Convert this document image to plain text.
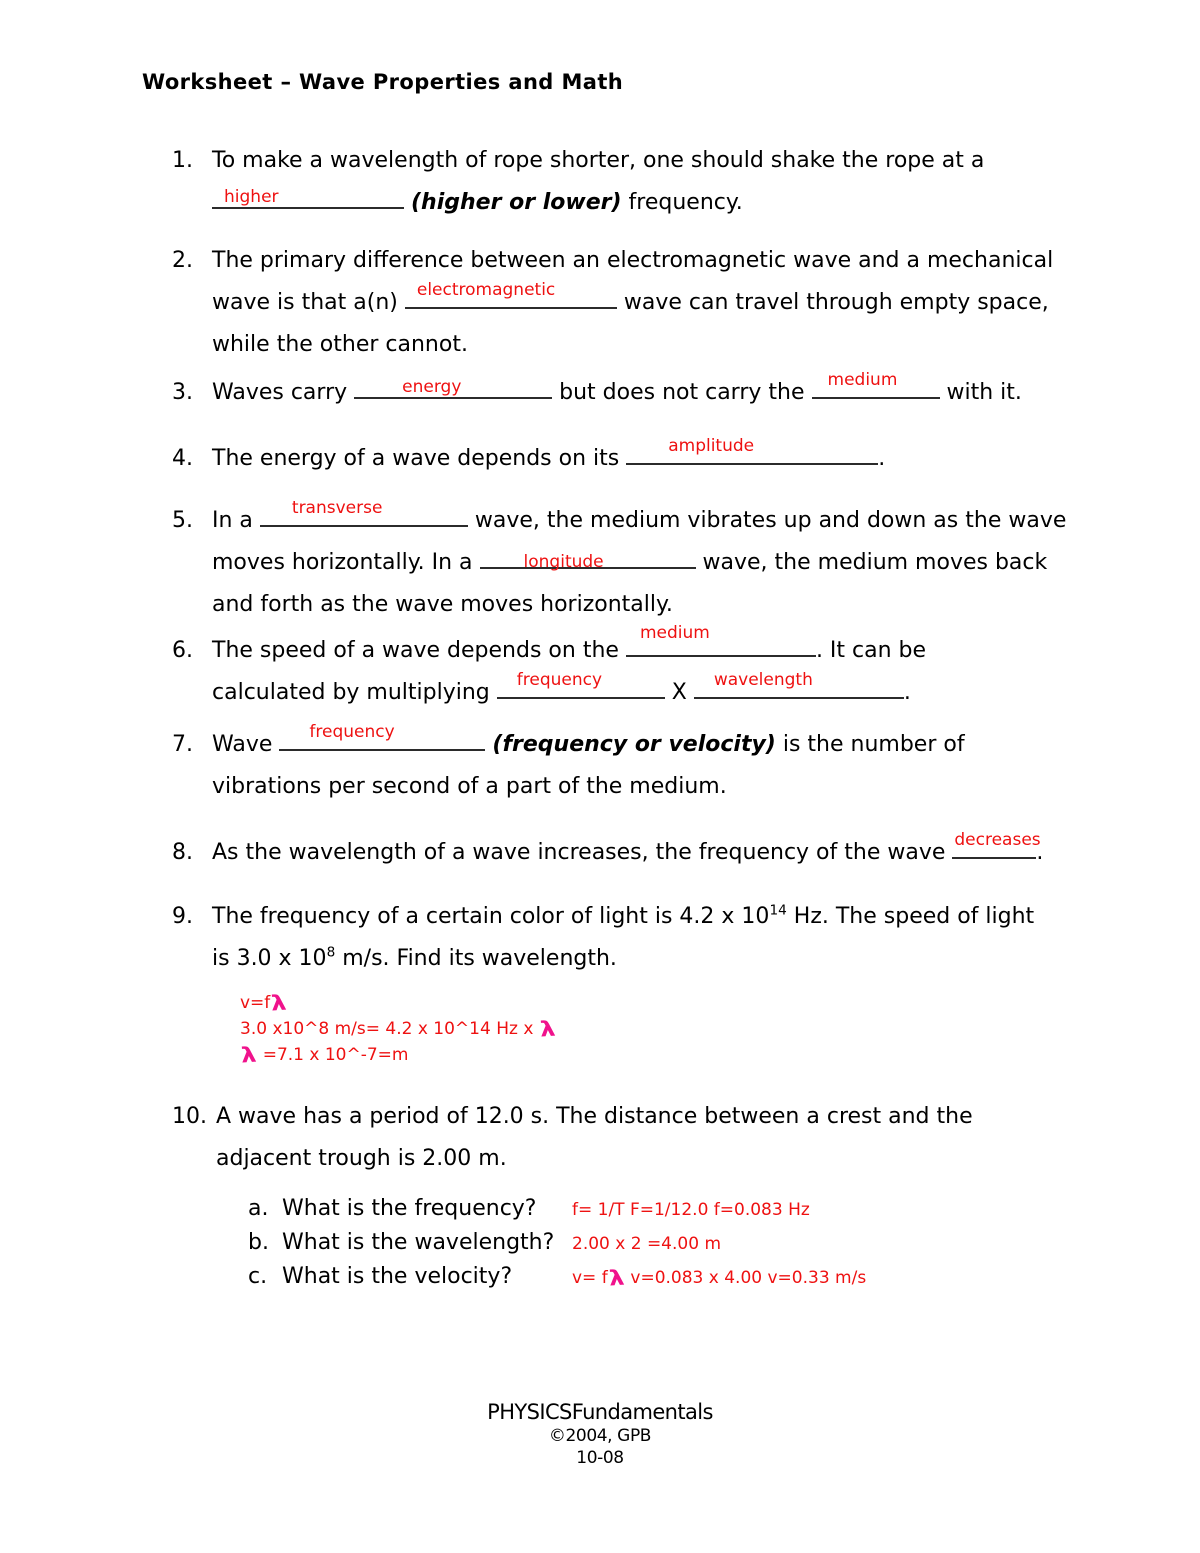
Worksheet – Wave Properties and Math
1. To make a wavelength of rope shorter, one should shake the rope at a

higher	(higher or lower) frequency.
2. The primary difference between an electromagnetic wave and a mechanical
wave is that a(n) electromagnetic	wave can travel through empty space,
while the other cannot.
3. Waves carry	energy	but does not carry the medium with it.
4. The energy of a wave depends on its	amplitude	.
5. In a transverse	wave, the medium vibrates up and down as the wave
moves horizontally. In a	longitude	wave, the medium moves back
and forth as the wave moves horizontally.
6. The speed of a wave depends on the
medium
. It can be
calculated by multiplying frequency	X wavelength	.
7. Wave frequency	(frequency or velocity) is the number of
vibrations per second of a part of the medium.
8. As the wavelength of a wave increases, the frequency of the wave decreases
.
9. The frequency of a certain color of light is 4.2 x $10^{14}$ Hz. The speed of light
is 3.0 x $10^8$ m/s. Find its wavelength.
v=fλ
3.0 x10^8 m/s= 4.2 x 10^14 Hz x λ
λ =7.1 x 10^-7=m
10. A wave has a period of 12.0 s. The distance between a crest and the
adjacent trough is 2.00 m.
a. What is the frequency? f= 1/T F=1/12.0 f=0.083 Hz
b. What is the wavelength? 2.00 x 2 =4.00 m
c. What is the velocity?	v= fλ v=0.083 x 4.00 v=0.33 m/s
PHYSICSFundamentals
©2004, GPB
10-08
